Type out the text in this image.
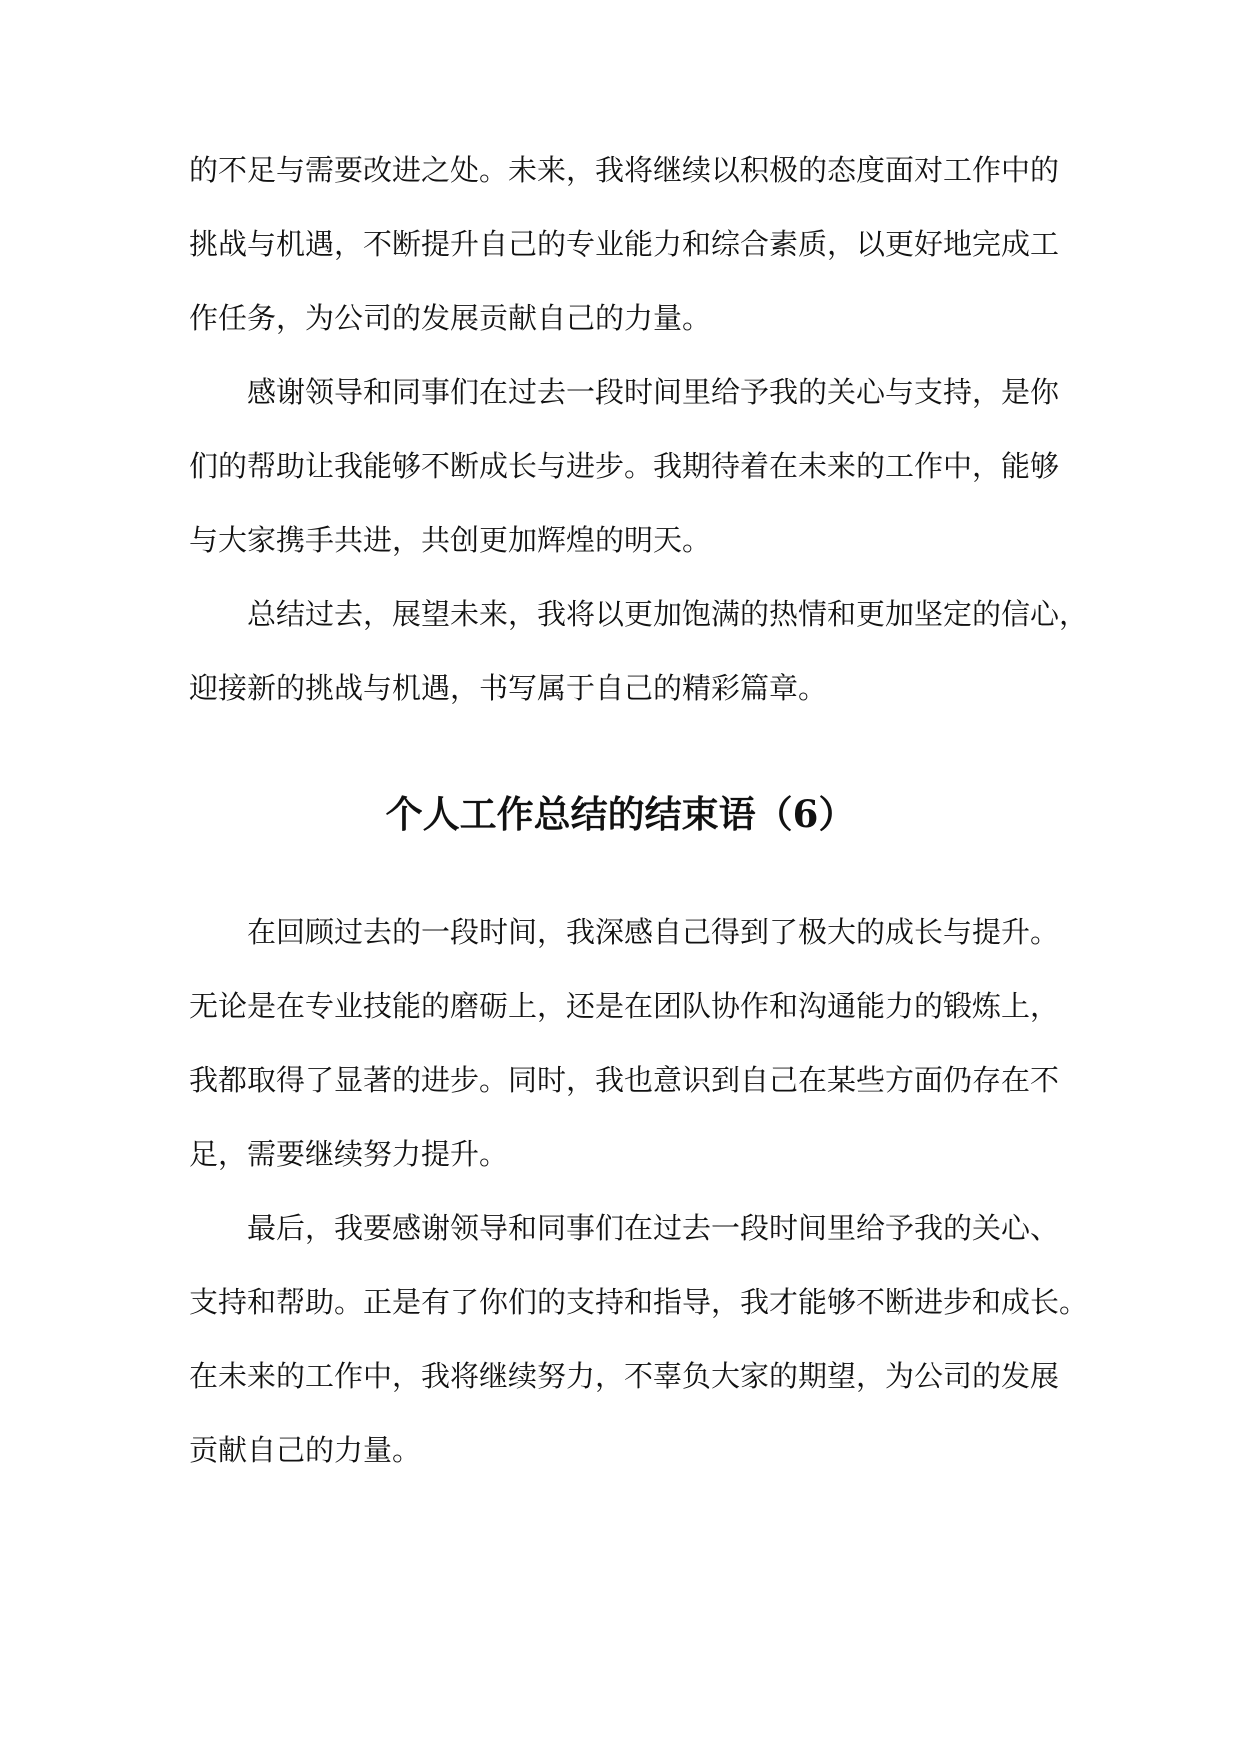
的不足与需要改进之处。未来，我将继续以积极的态度面对工作中的
挑战与机遇，不断提升自己的专业能力和综合素质，以更好地完成工
作任务，为公司的发展贡献自己的力量。
感谢领导和同事们在过去一段时间里给予我的关心与支持，是你
们的帮助让我能够不断成长与进步。我期待着在未来的工作中，能够
与大家携手共进，共创更加辉煌的明天。
总结过去，展望未来，我将以更加饱满的热情和更加坚定的信心，
迎接新的挑战与机遇，书写属于自己的精彩篇章。
个人工作总结的结束语（6）
在回顾过去的一段时间，我深感自己得到了极大的成长与提升。
无论是在专业技能的磨砺上，还是在团队协作和沟通能力的锻炼上，
我都取得了显著的进步。同时，我也意识到自己在某些方面仍存在不
足，需要继续努力提升。
最后，我要感谢领导和同事们在过去一段时间里给予我的关心、
支持和帮助。正是有了你们的支持和指导，我才能够不断进步和成长。
在未来的工作中，我将继续努力，不辜负大家的期望，为公司的发展
贡献自己的力量。
